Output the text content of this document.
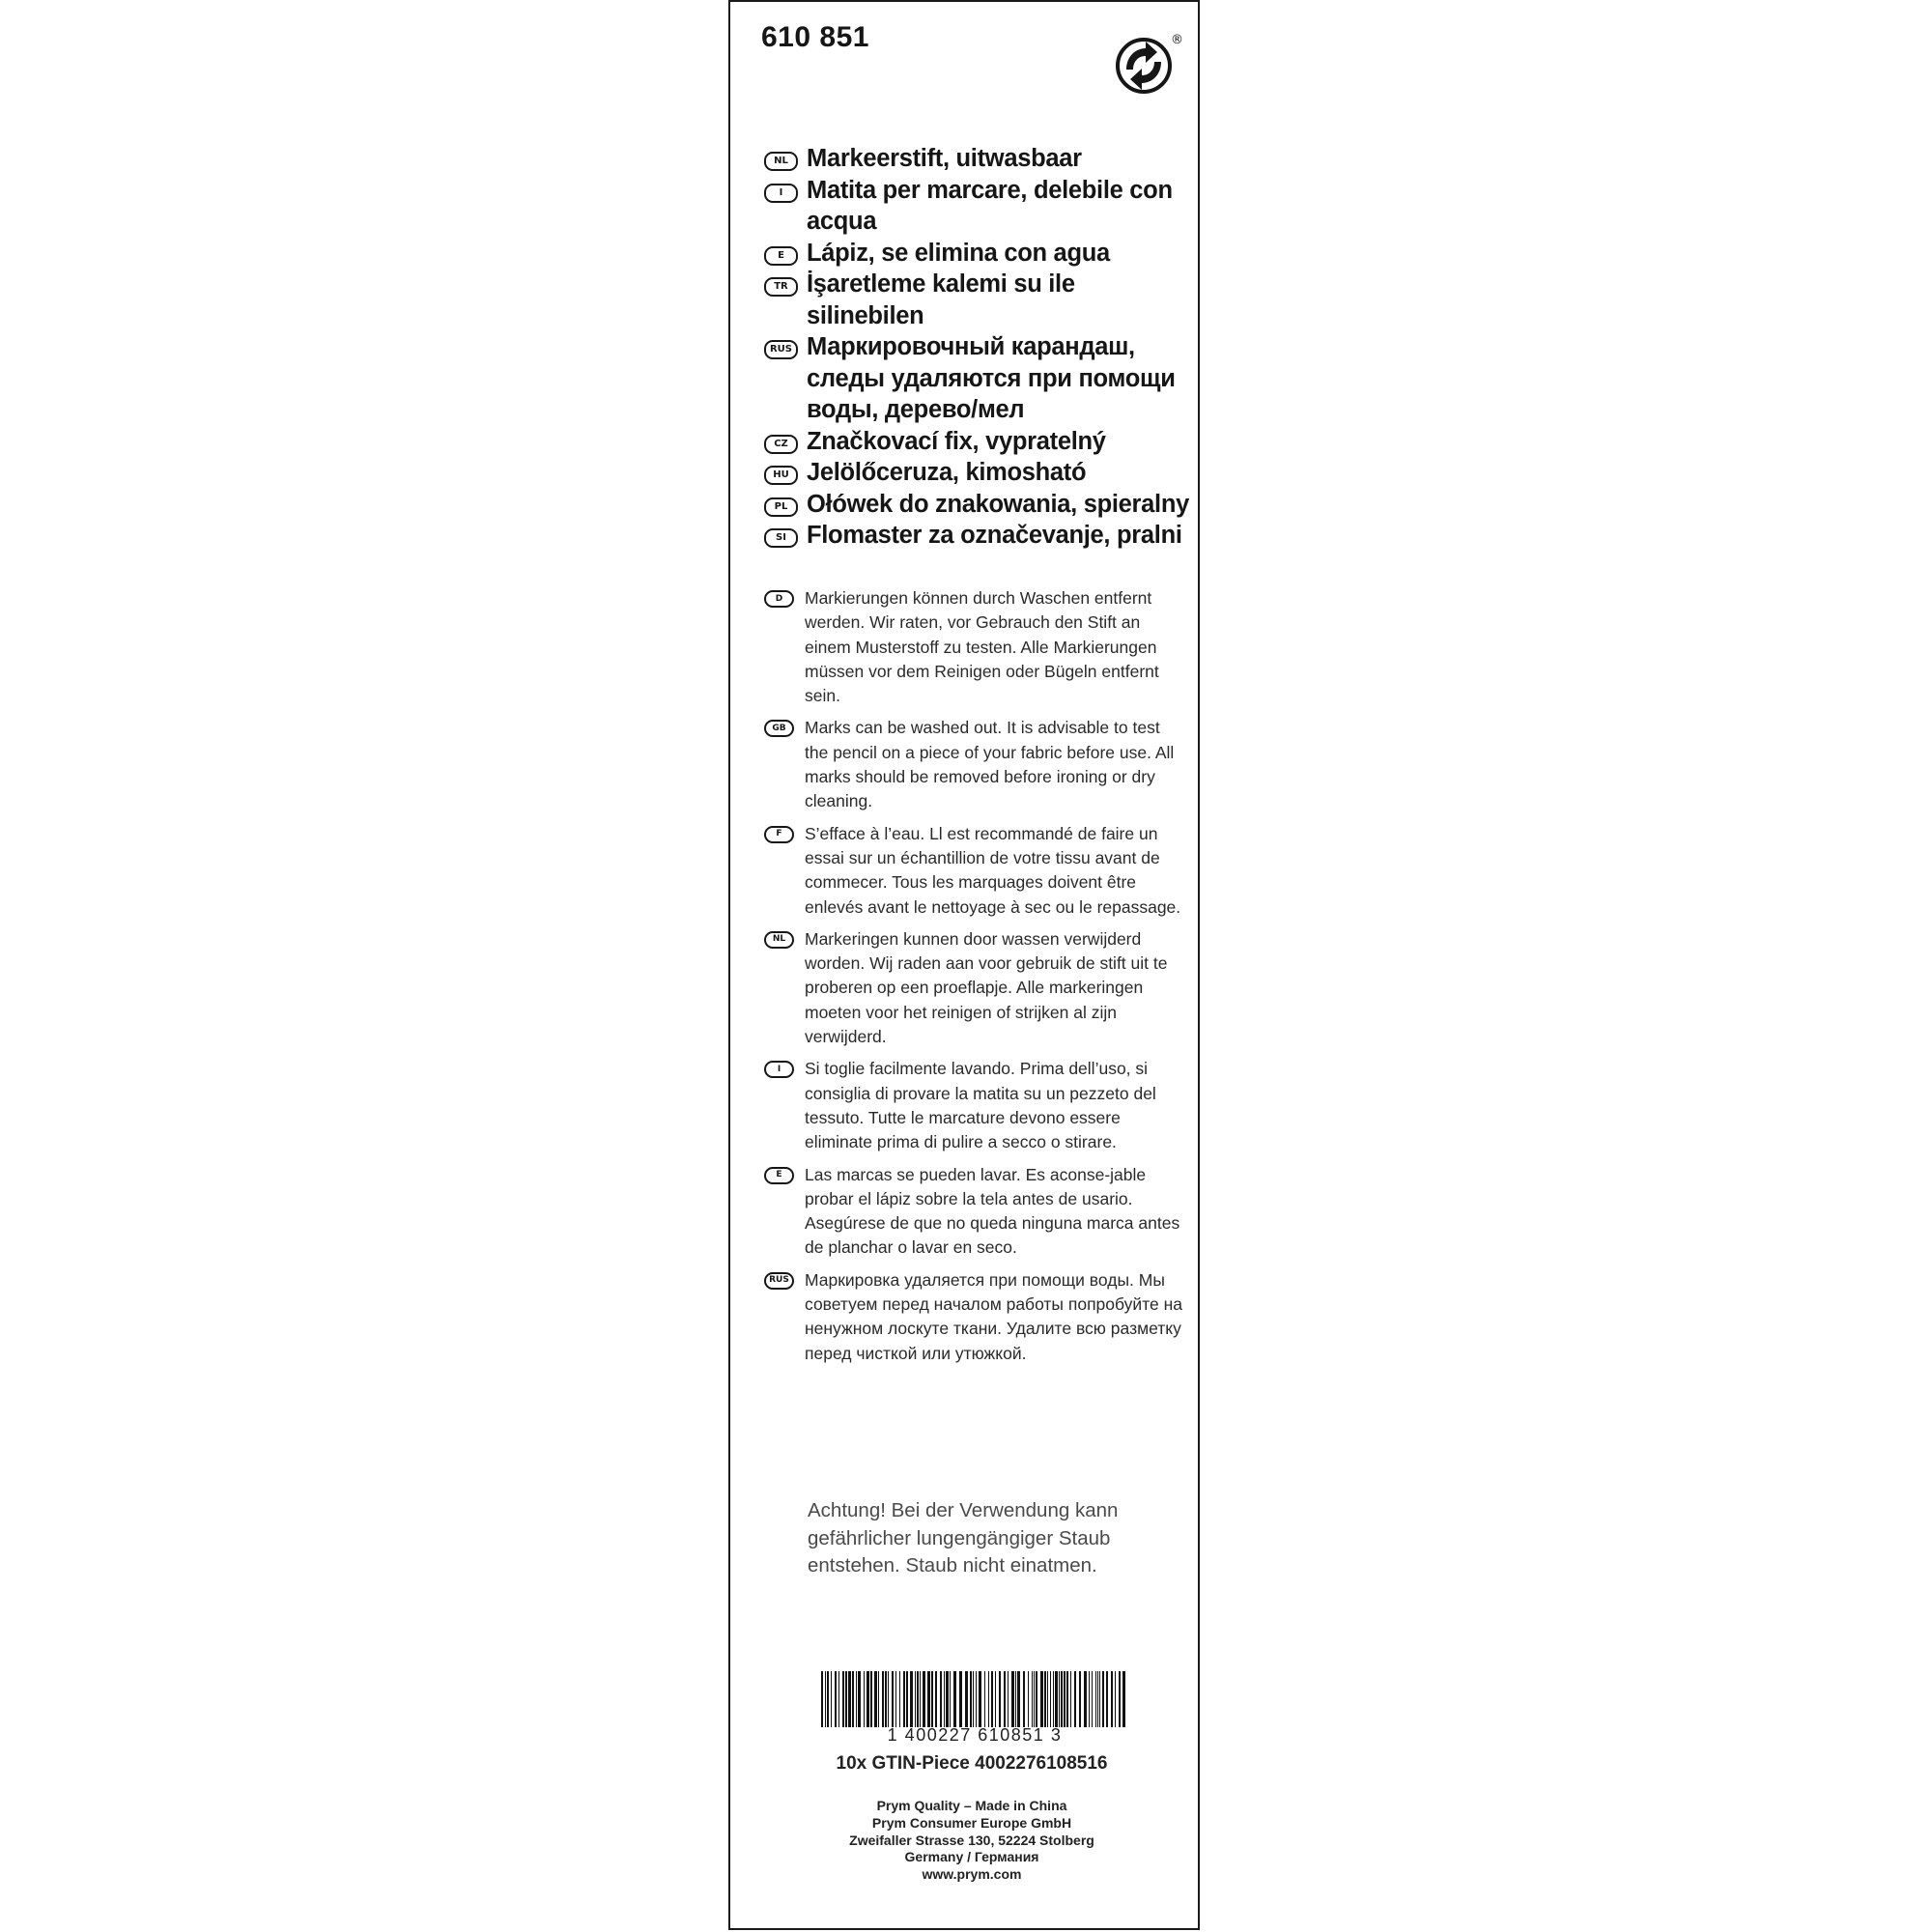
610 851	®
NL Markeerstift, uitwasbaar
I Matita per marcare, delebile con acqua
E Lápiz, se elimina con agua
TR İşaretleme kalemi su ile silinebilen
RUS Маркировочный карандаш, следы удаляются при помощи воды, дерево/мел
CZ Značkovací fix, vypratelný
HU Jelölőceruza, kimosható
PL Ołówek do znakowania, spieralny
SI Flomaster za označevanje, pralni
D	Markierungen können durch Waschen entfernt werden. Wir raten, vor Gebrauch den Stift an einem Musterstoff zu testen. Alle Markierungen müssen vor dem Reinigen oder Bügeln entfernt sein.
GB	Marks can be washed out. It is advisable to test the pencil on a piece of your fabric before use. All marks should be removed before ironing or dry cleaning.
F	S’efface à l’eau. Ll est recommandé de faire un essai sur un échantillion de votre tissu avant de commecer. Tous les marquages doivent être enlevés avant le nettoyage à sec ou le repassage.
NL	Markeringen kunnen door wassen verwijderd worden. Wij raden aan voor gebruik de stift uit te proberen op een proeflapje. Alle markeringen moeten voor het reinigen of strijken al zijn verwijderd.
I	Si toglie facilmente lavando. Prima dell’uso, si consiglia di provare la matita su un pezzeto del tessuto. Tutte le marcature devono essere eliminate prima di pulire a secco o stirare.
E	Las marcas se pueden lavar. Es aconse-jable probar el lápiz sobre la tela antes de usario. Asegúrese de que no queda ninguna marca antes de planchar o lavar en seco.
RUS Маркировка удаляется при помощи воды. Мы советуем перед началом работы попробуйте на ненужном лоскуте ткани. Удалите всю разметку перед чисткой или утюжкой.
Achtung! Bei der Verwendung kann gefährlicher lungengängiger Staub entstehen. Staub nicht einatmen.
1 400227 610851 3
10x GTIN-Piece 4002276108516
Prym Quality – Made in China
Prym Consumer Europe GmbH
Zweifaller Strasse 130, 52224 Stolberg
Germany / Германия
www.prym.com
